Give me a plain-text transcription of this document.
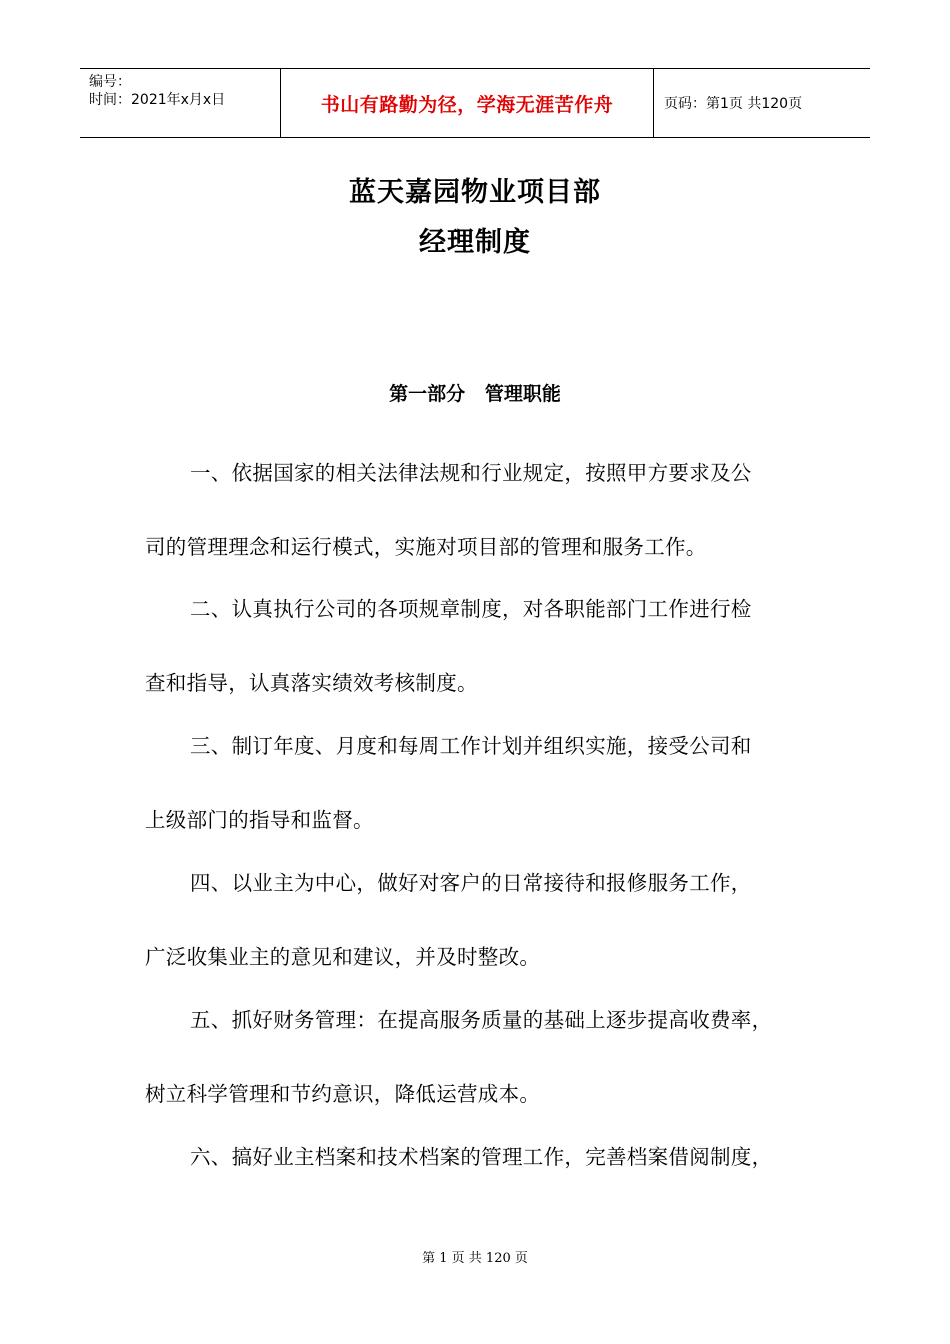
编号：
时间：2021年x月x日	书山有路勤为径，学海无涯苦作舟	页码：第1页 共120页
蓝天嘉园物业项目部
经理制度
第一部分   管理职能
一、依据国家的相关法律法规和行业规定，按照甲方要求及公
司的管理理念和运行模式，实施对项目部的管理和服务工作。
二、认真执行公司的各项规章制度，对各职能部门工作进行检
查和指导，认真落实绩效考核制度。
三、制订年度、月度和每周工作计划并组织实施，接受公司和
上级部门的指导和监督。
四、以业主为中心，做好对客户的日常接待和报修服务工作，
广泛收集业主的意见和建议，并及时整改。
五、抓好财务管理：在提高服务质量的基础上逐步提高收费率，
树立科学管理和节约意识，降低运营成本。
六、搞好业主档案和技术档案的管理工作，完善档案借阅制度，
第 1 页 共 120 页
